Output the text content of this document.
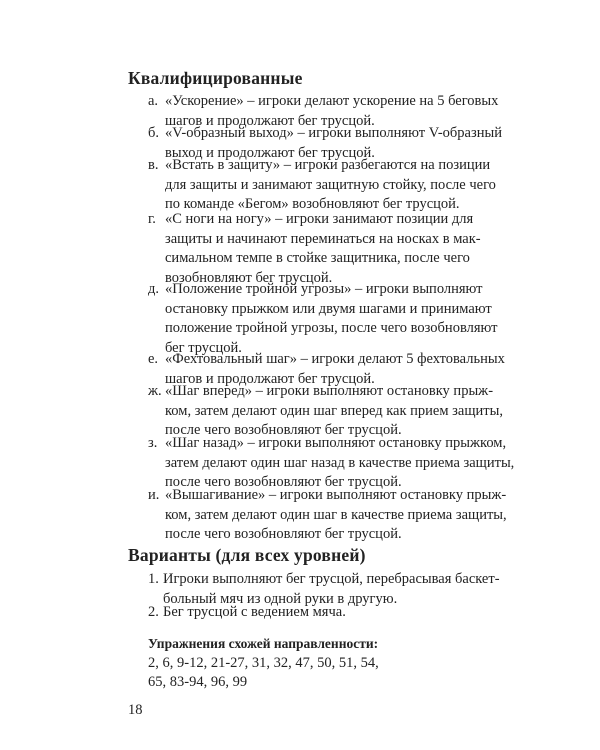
Квалифицированные
а. «Ускорение» – игроки делают ускорение на 5 беговых
шагов и продолжают бег трусцой.
б. «V-образный выход» – игроки выполняют V-образный
выход и продолжают бег трусцой.
в. «Встать в защиту» – игроки разбегаются на позиции
для защиты и занимают защитную стойку, после чего
по команде «Бегом» возобновляют бег трусцой.
г. «С ноги на ногу» – игроки занимают позиции для
защиты и начинают переминаться на носках в мак-
симальном темпе в стойке защитника, после чего
возобновляют бег трусцой.
д. «Положение тройной угрозы» – игроки выполняют
остановку прыжком или двумя шагами и принимают
положение тройной угрозы, после чего возобновляют
бег трусцой.
е. «Фехтовальный шаг» – игроки делают 5 фехтовальных
шагов и продолжают бег трусцой.
ж. «Шаг вперед» – игроки выполняют остановку прыж-
ком, затем делают один шаг вперед как прием защиты,
после чего возобновляют бег трусцой.
з. «Шаг назад» – игроки выполняют остановку прыжком,
затем делают один шаг назад в качестве приема защиты,
после чего возобновляют бег трусцой.
и. «Вышагивание» – игроки выполняют остановку прыж-
ком, затем делают один шаг в качестве приема защиты,
после чего возобновляют бег трусцой.
Варианты (для всех уровней)
1. Игроки выполняют бег трусцой, перебрасывая баскет-
больный мяч из одной руки в другую.
2. Бег трусцой с ведением мяча.
Упражнения схожей направленности:
2, 6, 9-12, 21-27, 31, 32, 47, 50, 51, 54,
65, 83-94, 96, 99
18
